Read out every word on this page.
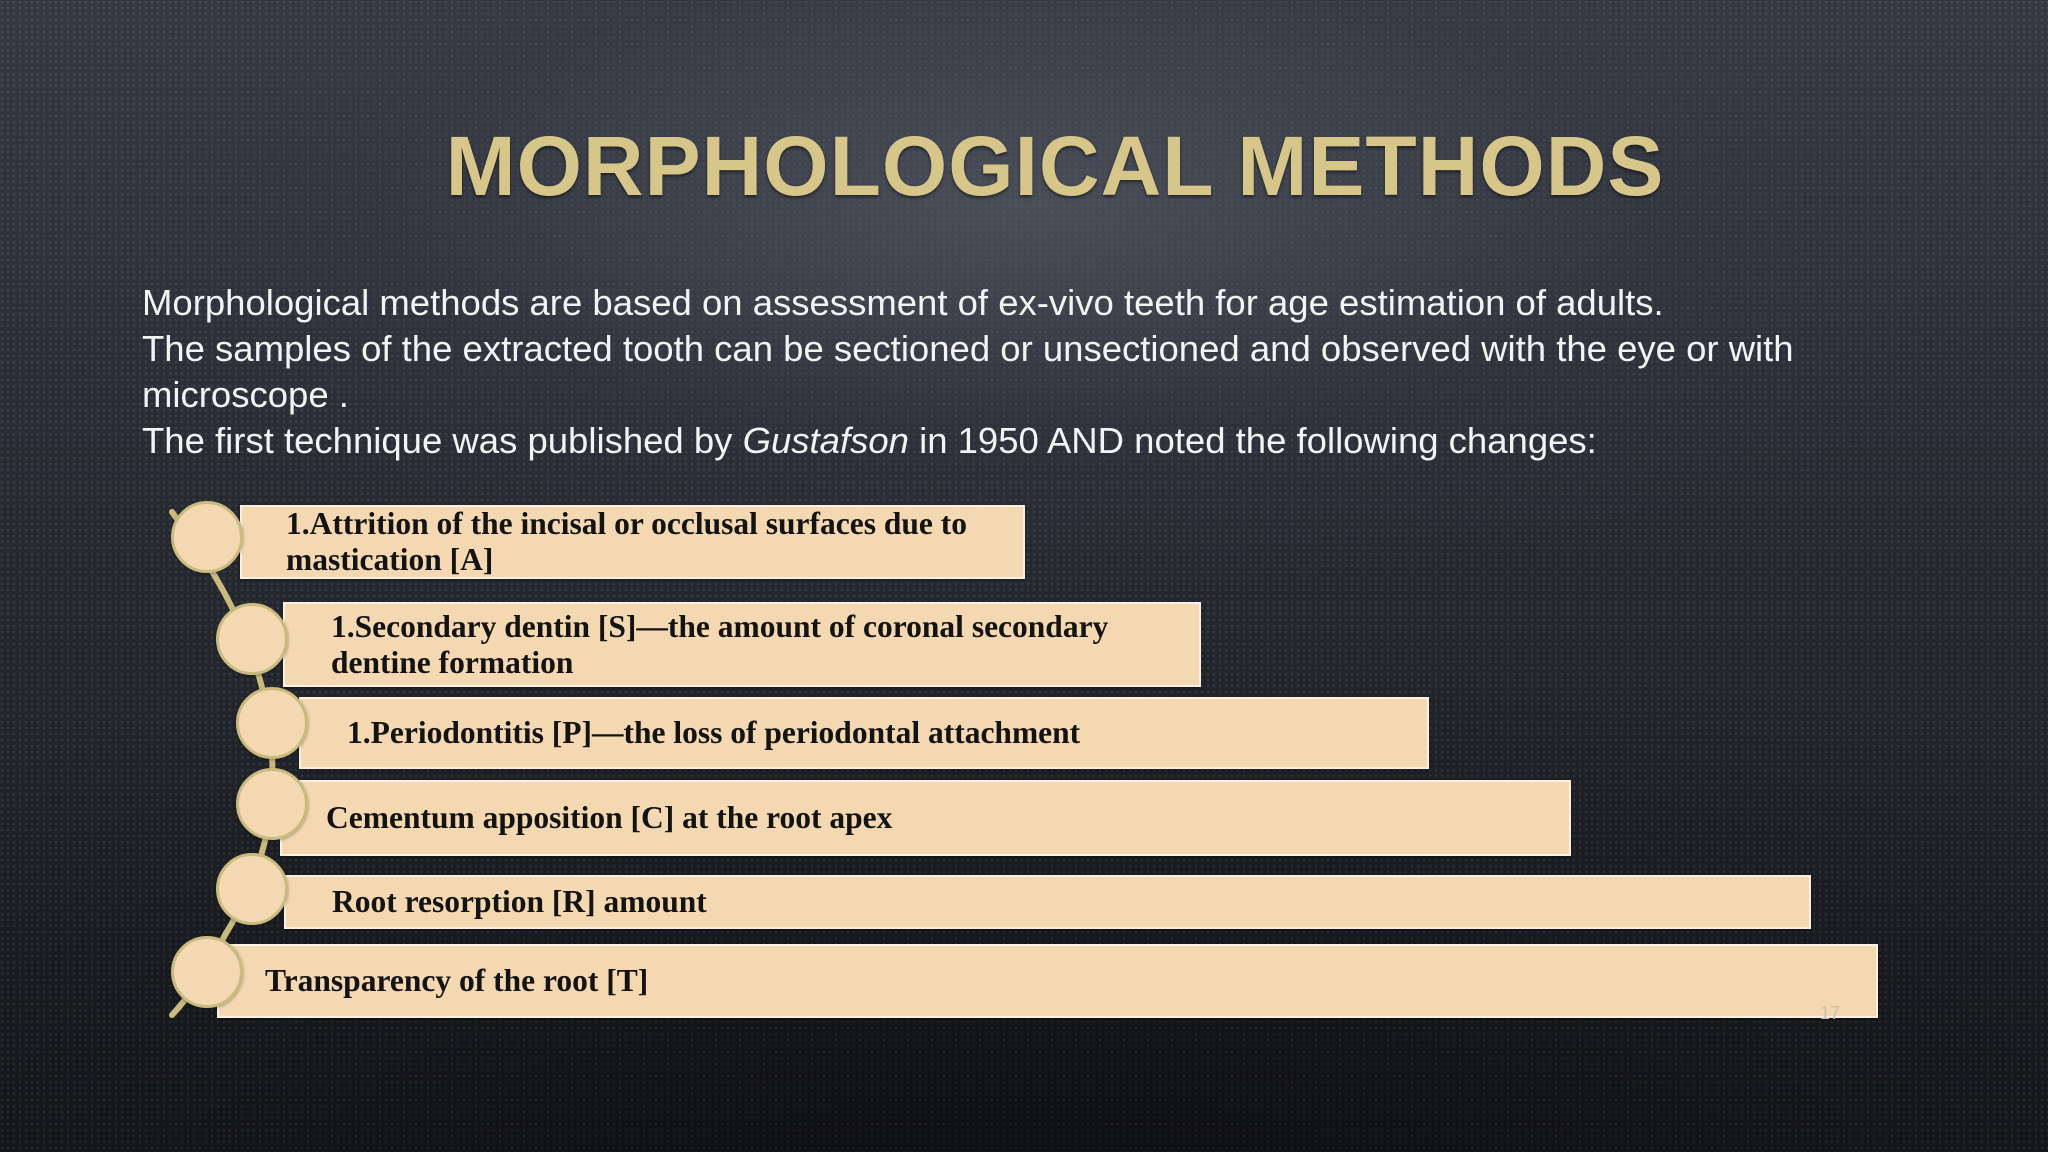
MORPHOLOGICAL METHODS

Morphological methods are based on assessment of ex-vivo teeth for age estimation of adults.

The samples of the extracted tooth can be sectioned or unsectioned and observed with the eye or with microscope .

The first technique was published by Gustafson in 1950 AND noted the following changes:

1.Attrition of the incisal or occlusal surfaces due to mastication [A]
1.Secondary dentin [S]—the amount of coronal secondary dentine formation
1.Periodontitis [P]—the loss of periodontal attachment
Cementum apposition [C] at the root apex
Root resorption [R] amount
Transparency of the root [T]
17
